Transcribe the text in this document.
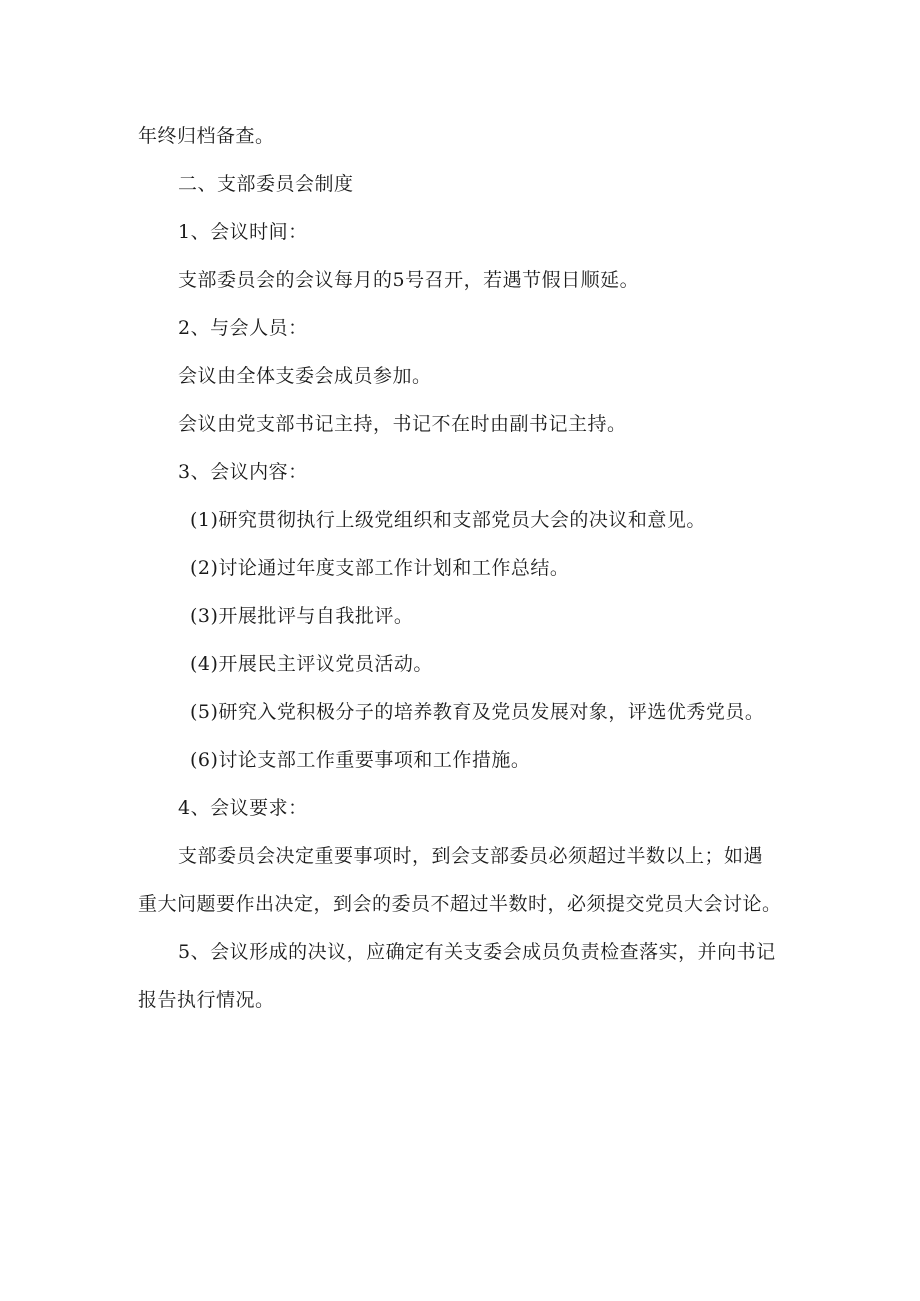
年终归档备查。
二、支部委员会制度
1、会议时间：
支部委员会的会议每月的5号召开，若遇节假日顺延。
2、与会人员：
会议由全体支委会成员参加。
会议由党支部书记主持，书记不在时由副书记主持。
3、会议内容：
(1)研究贯彻执行上级党组织和支部党员大会的决议和意见。
(2)讨论通过年度支部工作计划和工作总结。
(3)开展批评与自我批评。
(4)开展民主评议党员活动。
(5)研究入党积极分子的培养教育及党员发展对象，评选优秀党员。
(6)讨论支部工作重要事项和工作措施。
4、会议要求：
支部委员会决定重要事项时，到会支部委员必须超过半数以上；如遇
重大问题要作出决定，到会的委员不超过半数时，必须提交党员大会讨论。
5、会议形成的决议，应确定有关支委会成员负责检查落实，并向书记
报告执行情况。
